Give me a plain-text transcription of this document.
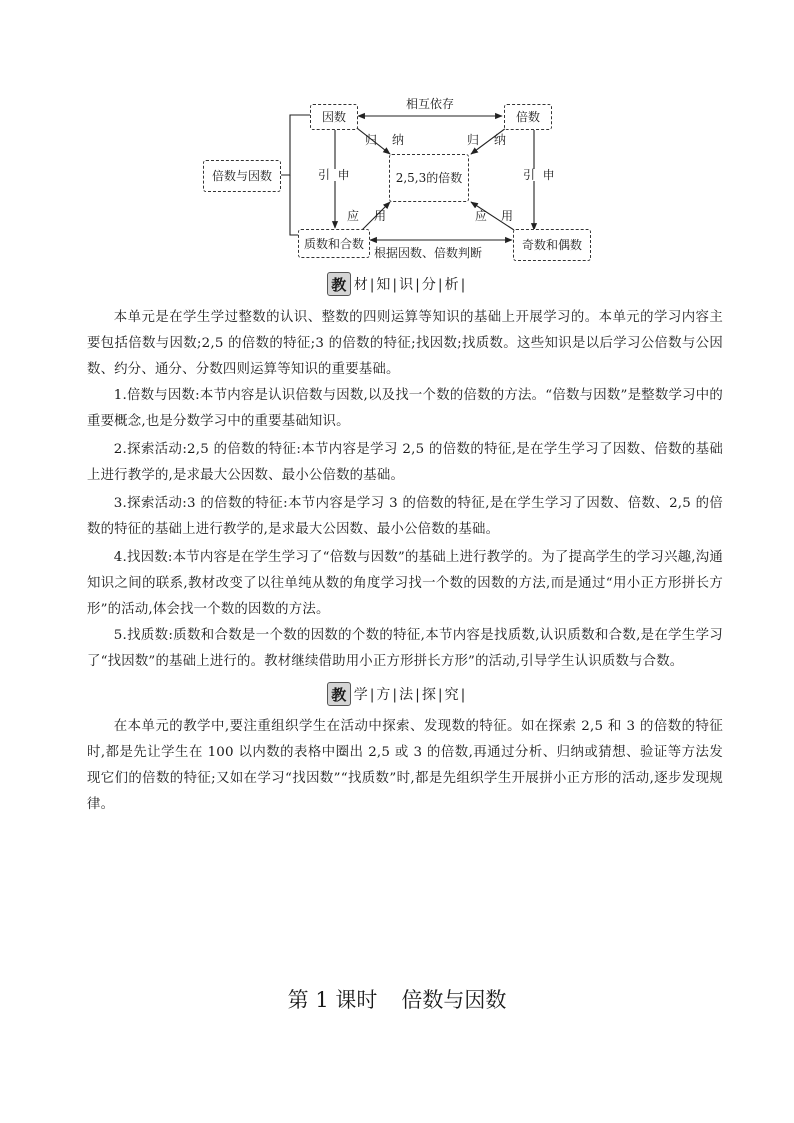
因数	倍数
倍数与因数	2,5,3的倍数
质数和合数	奇数和偶数
相互依存
根据因数、倍数判断
引  申	引  申
归 纳	归 纳
应 用	应 用
教 材 | 知 | 识 | 分 | 析 |

本单元是在学生学过整数的认识、整数的四则运算等知识的基础上开展学习的。本单元的学习内容主要包括倍数与因数;2,5 的倍数的特征;3 的倍数的特征;找因数;找质数。这些知识是以后学习公倍数与公因数、约分、通分、分数四则运算等知识的重要基础。

1.倍数与因数:本节内容是认识倍数与因数,以及找一个数的倍数的方法。“倍数与因数”是整数学习中的重要概念,也是分数学习中的重要基础知识。

2.探索活动:2,5 的倍数的特征:本节内容是学习 2,5 的倍数的特征,是在学生学习了因数、倍数的基础上进行教学的,是求最大公因数、最小公倍数的基础。

3.探索活动:3 的倍数的特征:本节内容是学习 3 的倍数的特征,是在学生学习了因数、倍数、2,5 的倍数的特征的基础上进行教学的,是求最大公因数、最小公倍数的基础。

4.找因数:本节内容是在学生学习了“倍数与因数”的基础上进行教学的。为了提高学生的学习兴趣,沟通知识之间的联系,教材改变了以往单纯从数的角度学习找一个数的因数的方法,而是通过“用小正方形拼长方形”的活动,体会找一个数的因数的方法。

5.找质数:质数和合数是一个数的因数的个数的特征,本节内容是找质数,认识质数和合数,是在学生学习了“找因数”的基础上进行的。教材继续借助用小正方形拼长方形”的活动,引导学生认识质数与合数。

教 学 | 方 | 法 | 探 | 究 |

在本单元的教学中,要注重组织学生在活动中探索、发现数的特征。如在探索 2,5 和 3 的倍数的特征时,都是先让学生在 100 以内数的表格中圈出 2,5 或 3 的倍数,再通过分析、归纳或猜想、验证等方法发现它们的倍数的特征;又如在学习“找因数”“找质数”时,都是先组织学生开展拼小正方形的活动,逐步发现规律。

第 1 课时 倍数与因数
